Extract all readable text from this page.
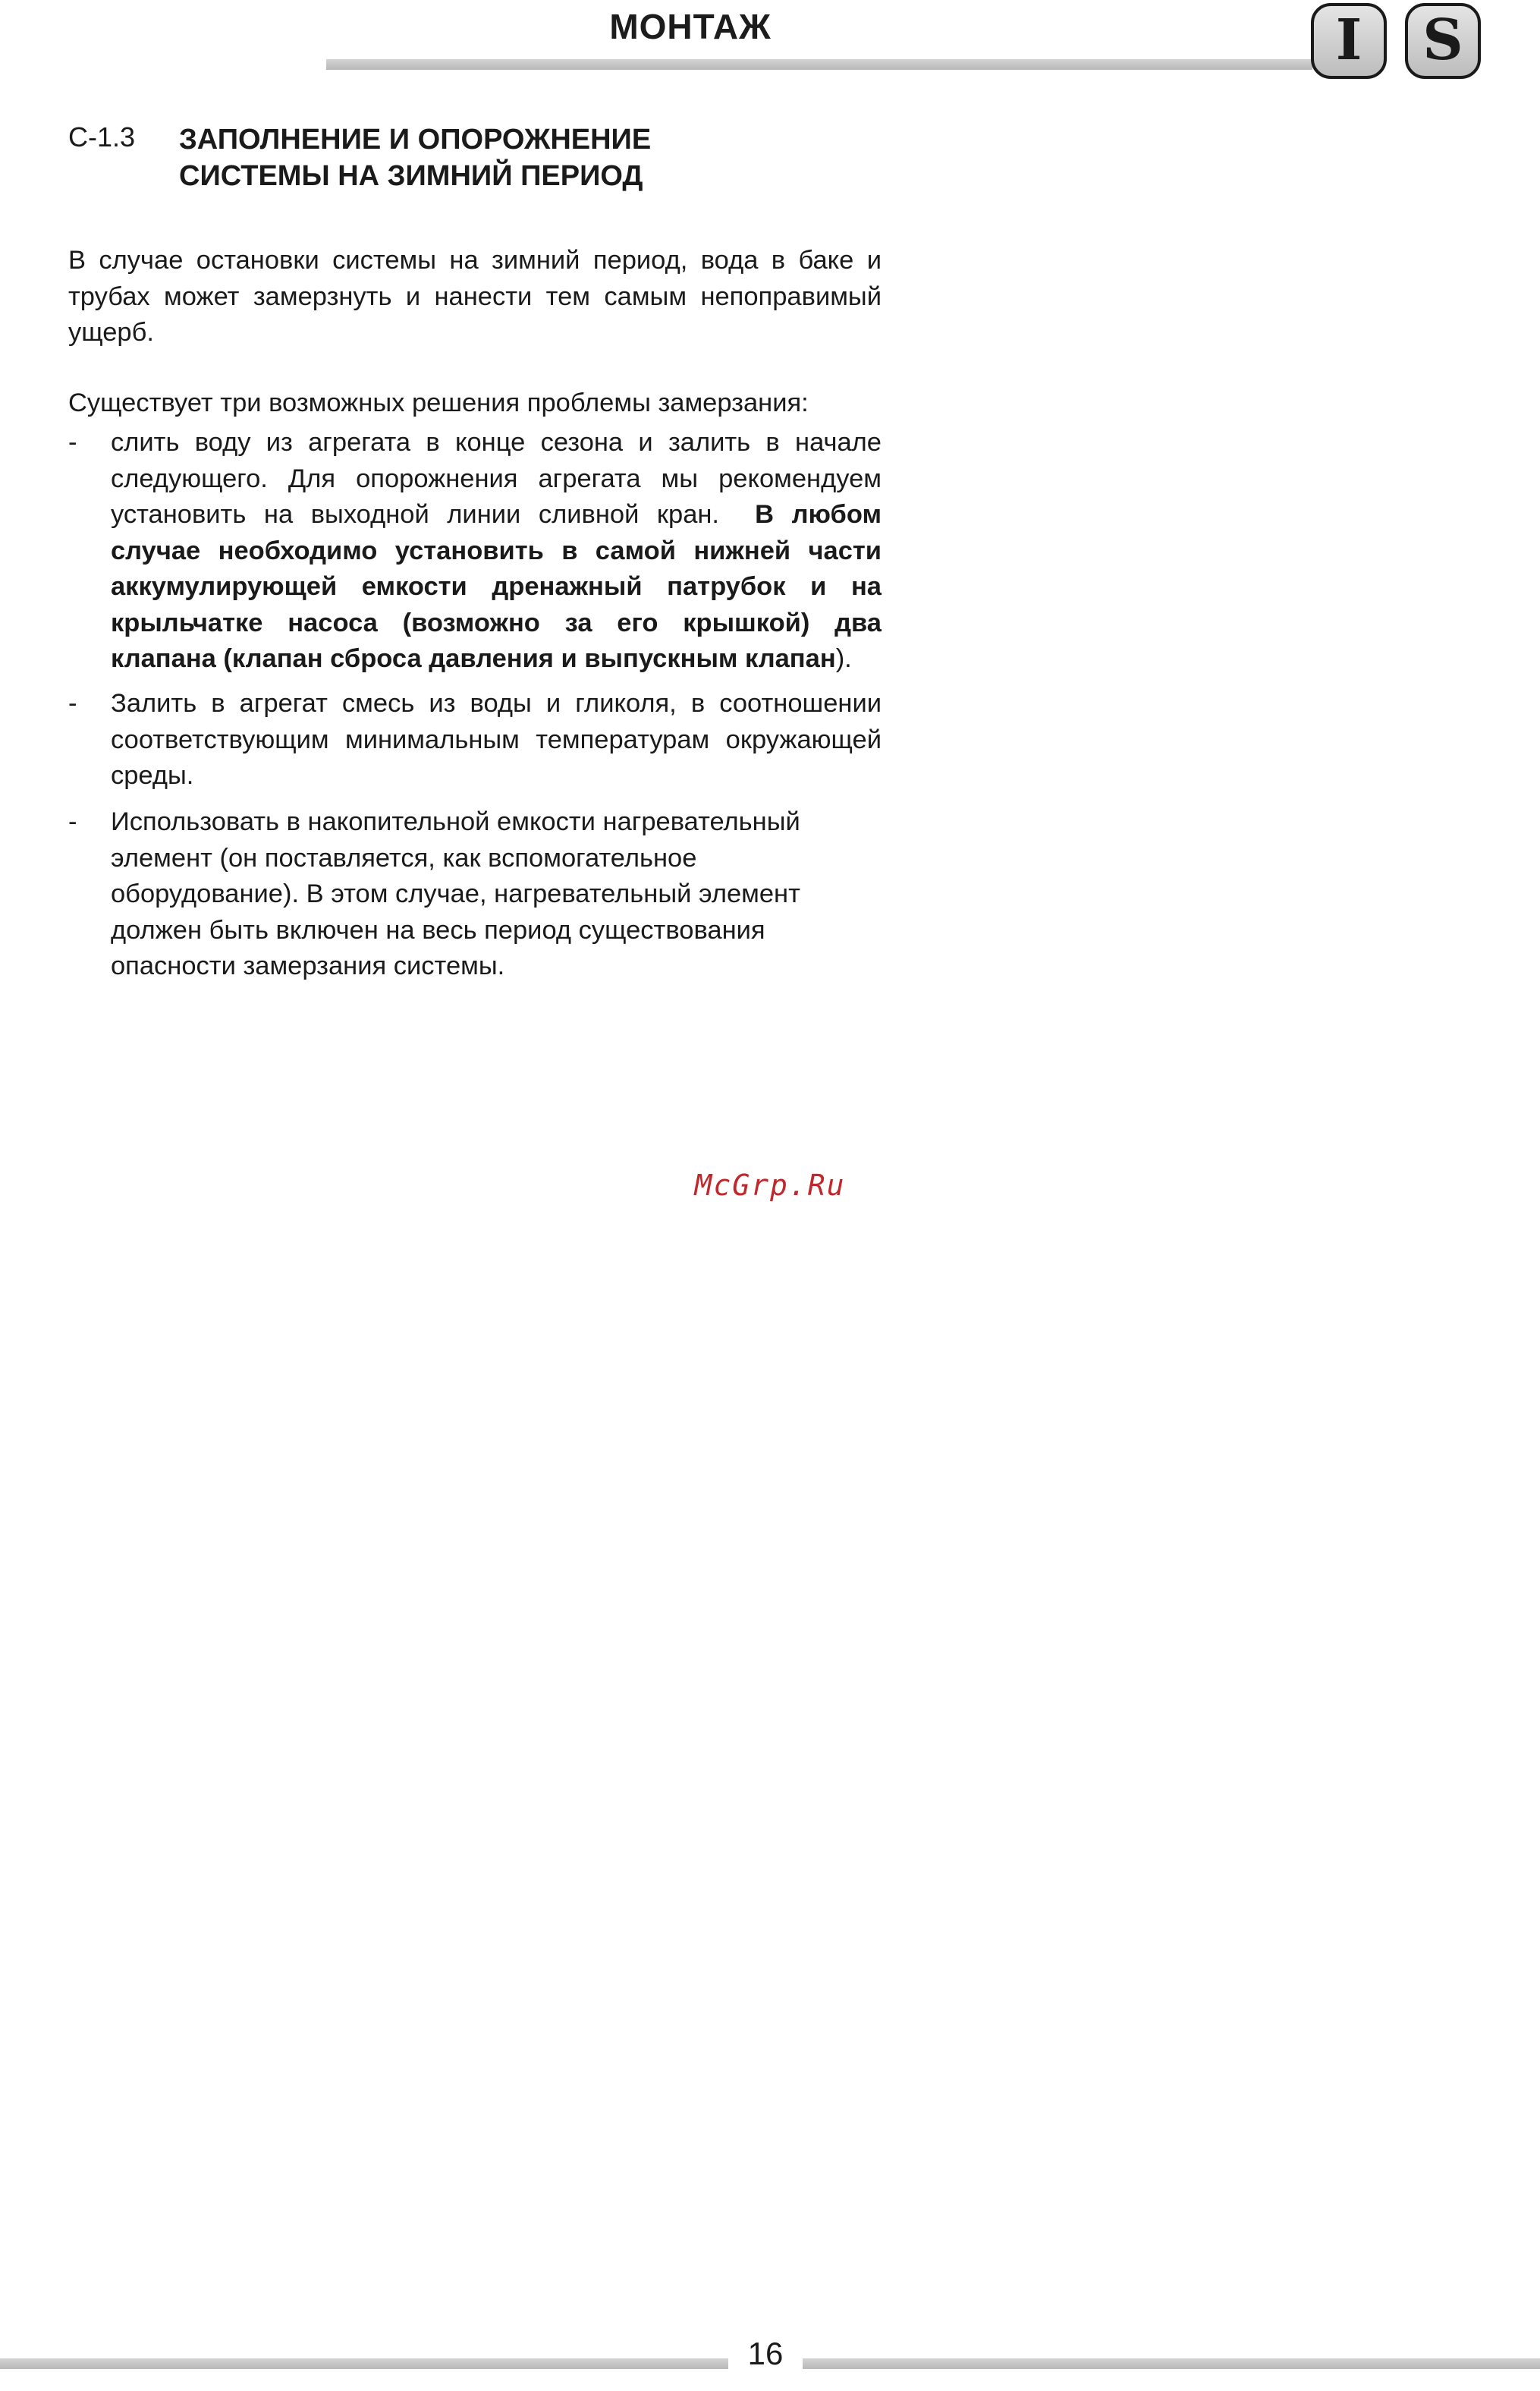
МОНТАЖ	I	S
С-1.3 ЗАПОЛНЕНИЕ И ОПОРОЖНЕНИЕ
СИСТЕМЫ НА ЗИМНИЙ ПЕРИОД
В случае остановки системы на зимний период, вода в баке и трубах может замерзнуть и нанести тем самым непоправимый ущерб.
Существует три возможных решения проблемы замерзания:
- слить воду из агрегата в конце сезона и залить в начале следующего. Для опорожнения агрегата мы рекомендуем установить на выходной линии сливной кран. В любом случае необходимо установить в самой нижней части аккумулирующей емкости дренажный патрубок и на крыльчатке насоса (возможно за его крышкой) два клапана (клапан сброса давления и выпускным клапан).
- Залить в агрегат смесь из воды и гликоля, в соотношении соответствующим минимальным температурам окружающей среды.
- Использовать в накопительной емкости нагревательный элемент (он поставляется, как вспомогательное оборудование). В этом случае, нагревательный элемент должен быть включен на весь период существования опасности замерзания системы.
McGrp.Ru
16
